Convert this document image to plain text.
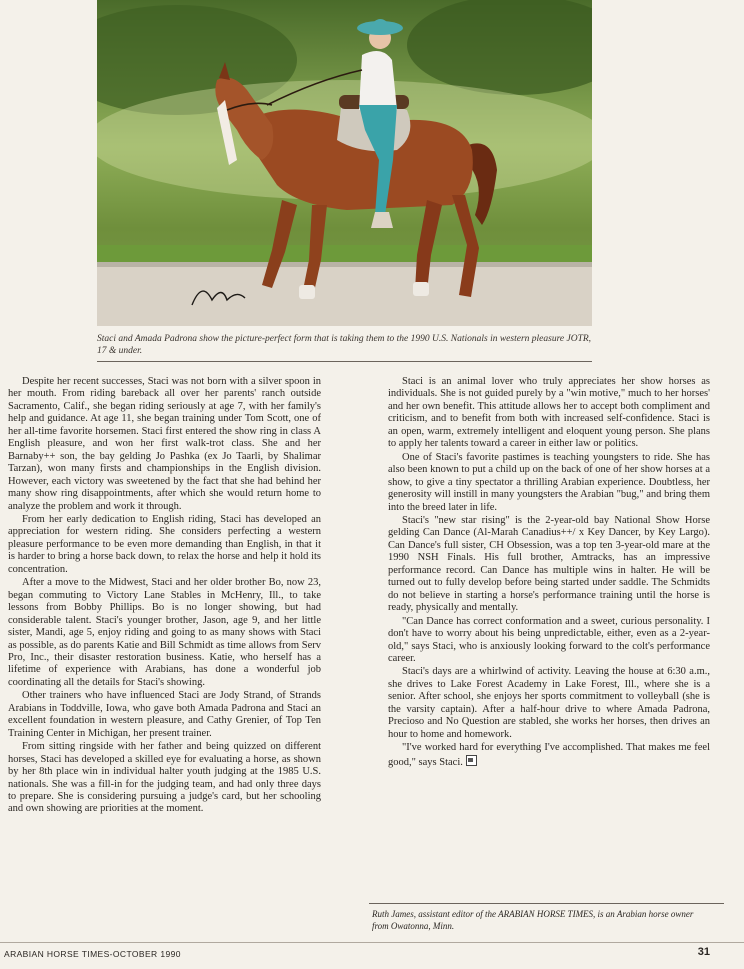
Staci and Amada Padrona show the picture-perfect form that is taking them to the 1990 U.S. Nationals in western pleasure JOTR, 17 & under.

Despite her recent successes, Staci was not born with a silver spoon in her mouth. From riding bareback all over her parents' ranch outside Sacramento, Calif., she began riding seriously at age 7, with her family's help and guidance. At age 11, she began training under Tom Scott, one of her all-time favorite horsemen. Staci first entered the show ring in class A English pleasure, and won her first walk-trot class. She and her Barnaby++ son, the bay gelding Jo Pashka (ex Jo Taarli, by Shalimar Tarzan), won many firsts and championships in the English division. However, each victory was sweetened by the fact that she had behind her many show ring disappointments, after which she would return home to analyze the problem and work it through.

From her early dedication to English riding, Staci has developed an appreciation for western riding. She considers perfecting a western pleasure performance to be even more demanding than English, in that it is harder to bring a horse back down, to relax the horse and help it hold its concentration.

After a move to the Midwest, Staci and her older brother Bo, now 23, began commuting to Victory Lane Stables in McHenry, Ill., to take lessons from Bobby Phillips. Bo is no longer showing, but had considerable talent. Staci's younger brother, Jason, age 9, and her little sister, Mandi, age 5, enjoy riding and going to as many shows with Staci as possible, as do parents Katie and Bill Schmidt as time allows from Serv Pro, Inc., their disaster restoration business. Katie, who herself has a lifetime of experience with Arabians, has done a wonderful job coordinating all the details for Staci's showing.

Other trainers who have influenced Staci are Jody Strand, of Strands Arabians in Toddville, Iowa, who gave both Amada Padrona and Staci an excellent foundation in western pleasure, and Cathy Grenier, of Top Ten Training Center in Michigan, her present trainer.

From sitting ringside with her father and being quizzed on different horses, Staci has developed a skilled eye for evaluating a horse, as shown by her 8th place win in individual halter youth judging at the 1985 U.S. nationals. She was a fill-in for the judging team, and had only three days to prepare. She is considering pursuing a judge's card, but her schooling and own showing are priorities at the moment.

Staci is an animal lover who truly appreciates her show horses as individuals. She is not guided purely by a "win motive," much to her horses' and her own benefit. This attitude allows her to accept both compliment and criticism, and to benefit from both with increased self-confidence. Staci is an open, warm, extremely intelligent and eloquent young person. She plans to apply her talents toward a career in either law or politics.

One of Staci's favorite pastimes is teaching youngsters to ride. She has also been known to put a child up on the back of one of her show horses at a show, to give a tiny spectator a thrilling Arabian experience. Doubtless, her generosity will instill in many youngsters the Arabian "bug," and bring them into the breed later in life.

Staci's "new star rising" is the 2-year-old bay National Show Horse gelding Can Dance (Al-Marah Canadius++/ x Key Dancer, by Key Largo). Can Dance's full sister, CH Obsession, was a top ten 3-year-old mare at the 1990 NSH Finals. His full brother, Amtracks, has an impressive performance record. Can Dance has multiple wins in halter. He will be turned out to fully develop before being started under saddle. The Schmidts do not believe in starting a horse's performance training until the horse is ready, physically and mentally.

"Can Dance has correct conformation and a sweet, curious personality. I don't have to worry about his being unpredictable, either, even as a 2-year-old," says Staci, who is anxiously looking forward to the colt's performance career.

Staci's days are a whirlwind of activity. Leaving the house at 6:30 a.m., she drives to Lake Forest Academy in Lake Forest, Ill., where she is a senior. After school, she enjoys her sports commitment to volleyball (she is the varsity captain). After a half-hour drive to where Amada Padrona, Precioso and No Question are stabled, she works her horses, then drives an hour to home and homework.

"I've worked hard for everything I've accomplished. That makes me feel good," says Staci.

Ruth James, assistant editor of the ARABIAN HORSE TIMES, is an Arabian horse owner from Owatonna, Minn.
ARABIAN HORSE TIMES-OCTOBER 1990	31
